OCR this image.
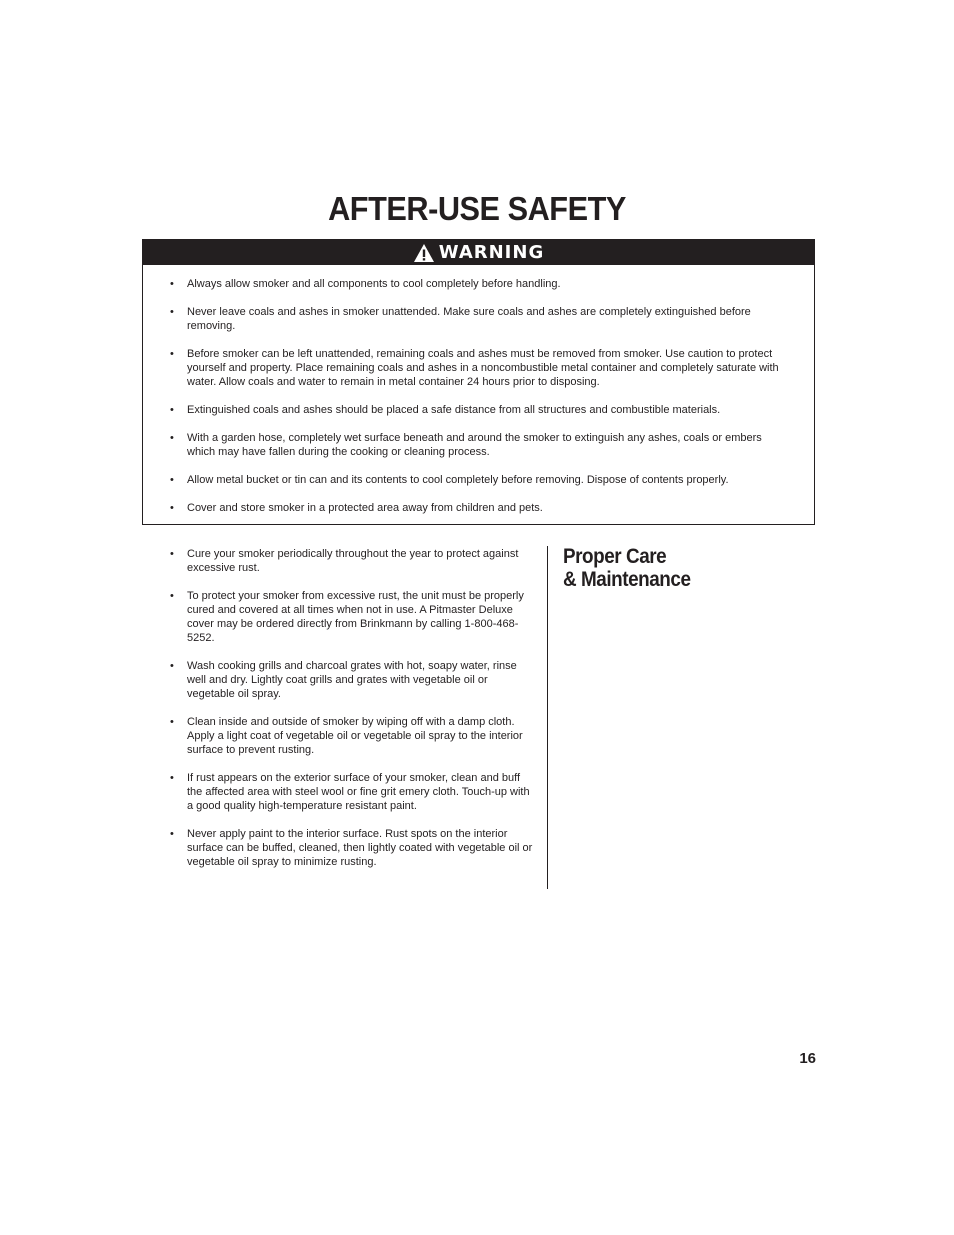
AFTER-USE SAFETY
WARNING
• Always allow smoker and all components to cool completely before handling.
• Never leave coals and ashes in smoker unattended. Make sure coals and ashes are completely extinguished before removing.
• Before smoker can be left unattended, remaining coals and ashes must be removed from smoker. Use caution to protect yourself and property. Place remaining coals and ashes in a noncombustible metal container and completely saturate with water. Allow coals and water to remain in metal container 24 hours prior to disposing.
• Extinguished coals and ashes should be placed a safe distance from all structures and combustible materials.
• With a garden hose, completely wet surface beneath and around the smoker to extinguish any ashes, coals or embers which may have fallen during the cooking or cleaning process.
• Allow metal bucket or tin can and its contents to cool completely before removing. Dispose of contents properly.
• Cover and store smoker in a protected area away from children and pets.
• Cure your smoker periodically throughout the year to protect against excessive rust.
• To protect your smoker from excessive rust, the unit must be properly cured and covered at all times when not in use. A Pitmaster Deluxe cover may be ordered directly from Brinkmann by calling 1-800-468-5252.
• Wash cooking grills and charcoal grates with hot, soapy water, rinse well and dry. Lightly coat grills and grates with vegetable oil or vegetable oil spray.
• Clean inside and outside of smoker by wiping off with a damp cloth. Apply a light coat of vegetable oil or vegetable oil spray to the interior surface to prevent rusting.
• If rust appears on the exterior surface of your smoker, clean and buff the affected area with steel wool or fine grit emery cloth. Touch-up with a good quality high-temperature resistant paint.
• Never apply paint to the interior surface. Rust spots on the interior surface can be buffed, cleaned, then lightly coated with vegetable oil or vegetable oil spray to minimize rusting.
Proper Care
& Maintenance
16
